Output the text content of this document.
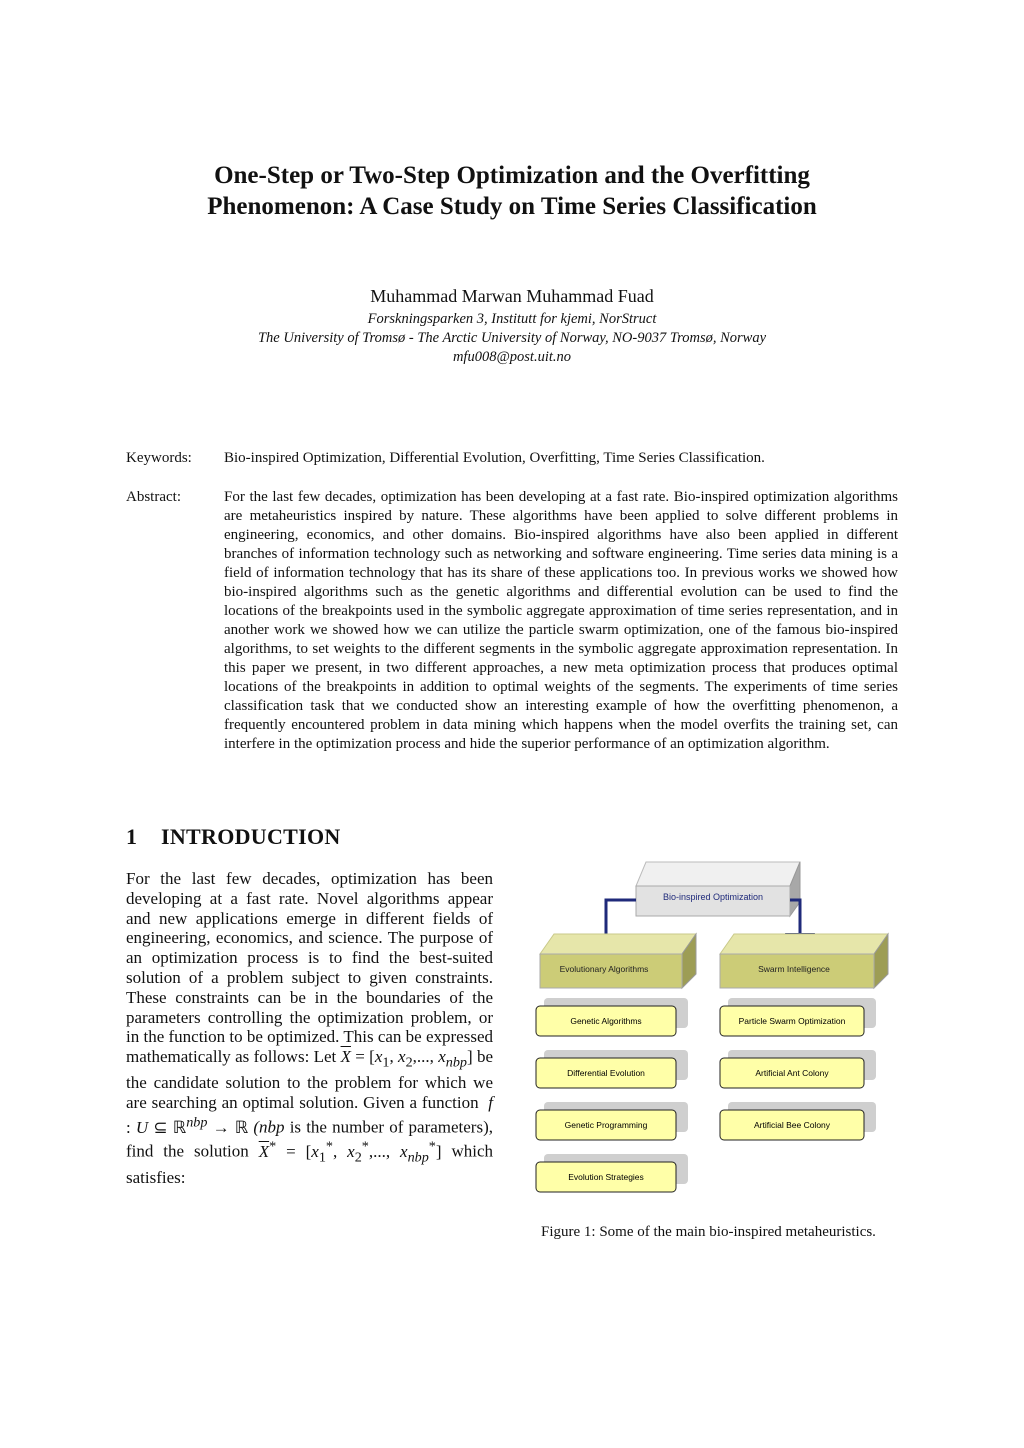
One-Step or Two-Step Optimization and the Overfitting
Phenomenon: A Case Study on Time Series Classification
Muhammad Marwan Muhammad Fuad
Forskningsparken 3, Institutt for kjemi, NorStruct
The University of Tromsø - The Arctic University of Norway, NO-9037 Tromsø, Norway
mfu008@post.uit.no
Keywords: Bio-inspired Optimization, Differential Evolution, Overfitting, Time Series Classification.
Abstract:	For the last few decades, optimization has been developing at a fast rate. Bio-inspired optimization algorithms are metaheuristics inspired by nature. These algorithms have been applied to solve different problems in engineering, economics, and other domains. Bio-inspired algorithms have also been applied in different branches of information technology such as networking and software engineering. Time series data mining is a field of information technology that has its share of these applications too. In previous works we showed how bio-inspired algorithms such as the genetic algorithms and differential evolution can be used to find the locations of the breakpoints used in the symbolic aggregate approximation of time series representation, and in another work we showed how we can utilize the particle swarm optimization, one of the famous bio-inspired algorithms, to set weights to the different segments in the symbolic aggregate approximation representation. In this paper we present, in two different approaches, a new meta optimization process that produces optimal locations of the breakpoints in addition to optimal weights of the segments. The experiments of time series classification task that we conducted show an interesting example of how the overfitting phenomenon, a frequently encountered problem in data mining which happens when the model overfits the training set, can interfere in the optimization process and hide the superior performance of an optimization algorithm.
1 INTRODUCTION
For the last few decades, optimization has been developing at a fast rate. Novel algorithms appear and new applications emerge in different fields of engineering, economics, and science. The purpose of an optimization process is to find the best-suited solution of a problem subject to given constraints. These constraints can be in the boundaries of the parameters controlling the optimization problem, or in the function to be optimized. This can be expressed mathematically as follows: Let $\overline{X} = [x_1$, $x_2$,..., $x_{nbp}$] be the candidate solution to the problem for which we are searching an optimal solution. Given a function f : U ⊆ ℝ$^{nbp}$ → ℝ (nbp is the number of parameters), find the solution $\overline{X}^* = [x_1^*$, $x_2^*$,..., $x_{nbp}^*$] which satisfies:
Bio-inspired Optimization
Evolutionary Algorithms	Swarm Intelligence
Genetic Algorithms
Differential Evolution
Genetic Programming
Evolution Strategies
Particle Swarm Optimization
Artificial Ant Colony
Artificial Bee Colony
Figure 1: Some of the main bio-inspired metaheuristics.
